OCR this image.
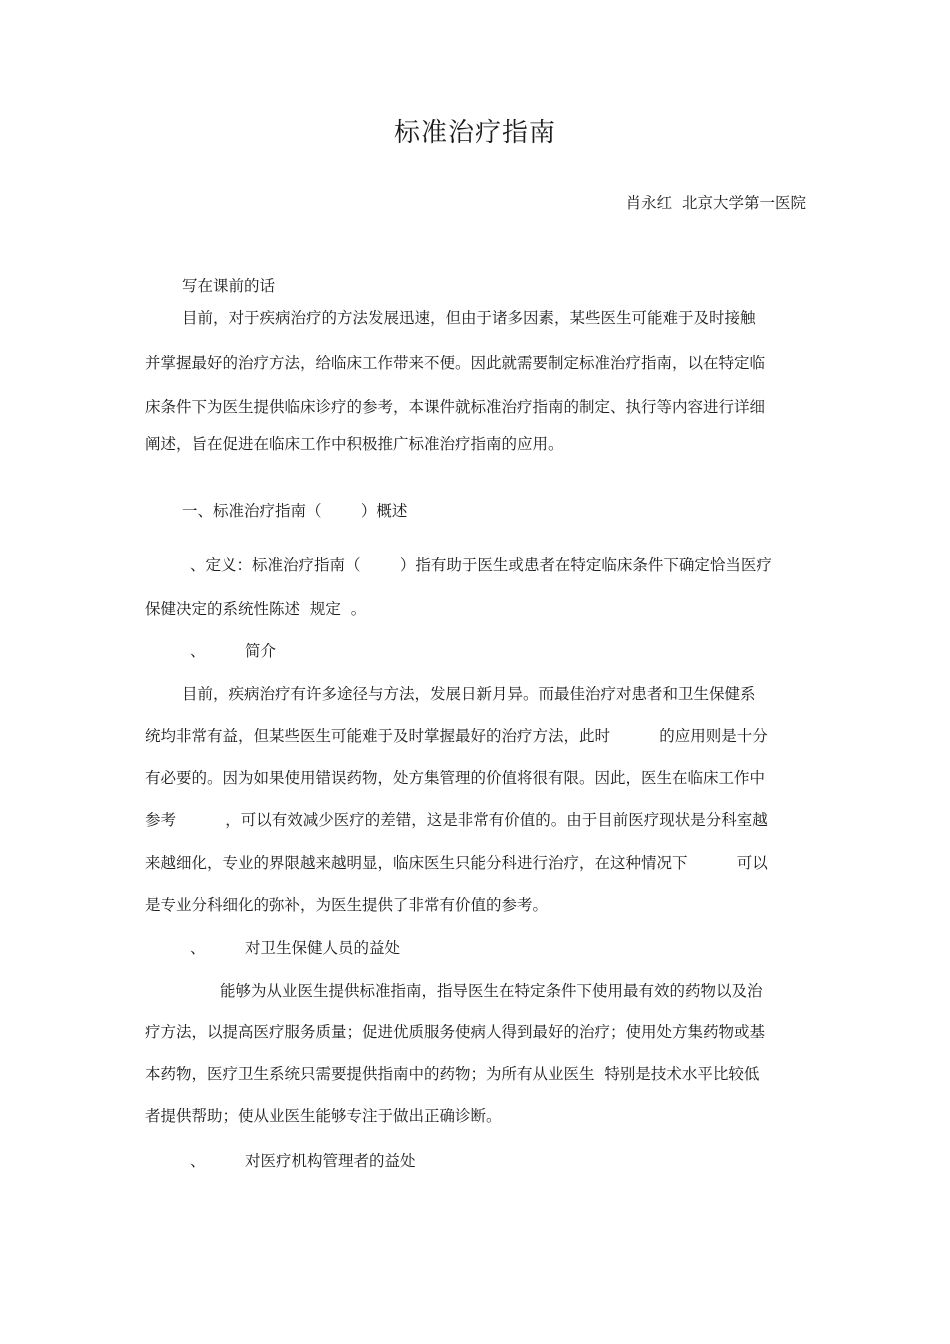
标准治疗指南
肖永红  北京大学第一医院
写在课前的话
目前，对于疾病治疗的方法发展迅速，但由于诸多因素，某些医生可能难于及时接触
并掌握最好的治疗方法，给临床工作带来不便。因此就需要制定标准治疗指南，以在特定临
床条件下为医生提供临床诊疗的参考，本课件就标准治疗指南的制定、执行等内容进行详细
阐述，旨在促进在临床工作中积极推广标准治疗指南的应用。
一、标准治疗指南（        ）概述
、定义：标准治疗指南（        ）指有助于医生或患者在特定临床条件下确定恰当医疗
保健决定的系统性陈述  规定  。
、	简介
目前，疾病治疗有许多途径与方法，发展日新月异。而最佳治疗对患者和卫生保健系
统均非常有益，但某些医生可能难于及时掌握最好的治疗方法，此时          的应用则是十分
有必要的。因为如果使用错误药物，处方集管理的价值将很有限。因此，医生在临床工作中
参考          ，可以有效减少医疗的差错，这是非常有价值的。由于目前医疗现状是分科室越
来越细化，专业的界限越来越明显，临床医生只能分科进行治疗，在这种情况下          可以
是专业分科细化的弥补，为医生提供了非常有价值的参考。
、	对卫生保健人员的益处
能够为从业医生提供标准指南，指导医生在特定条件下使用最有效的药物以及治
疗方法，以提高医疗服务质量；促进优质服务使病人得到最好的治疗；使用处方集药物或基
本药物，医疗卫生系统只需要提供指南中的药物；为所有从业医生  特别是技术水平比较低
者提供帮助；使从业医生能够专注于做出正确诊断。
、	对医疗机构管理者的益处
